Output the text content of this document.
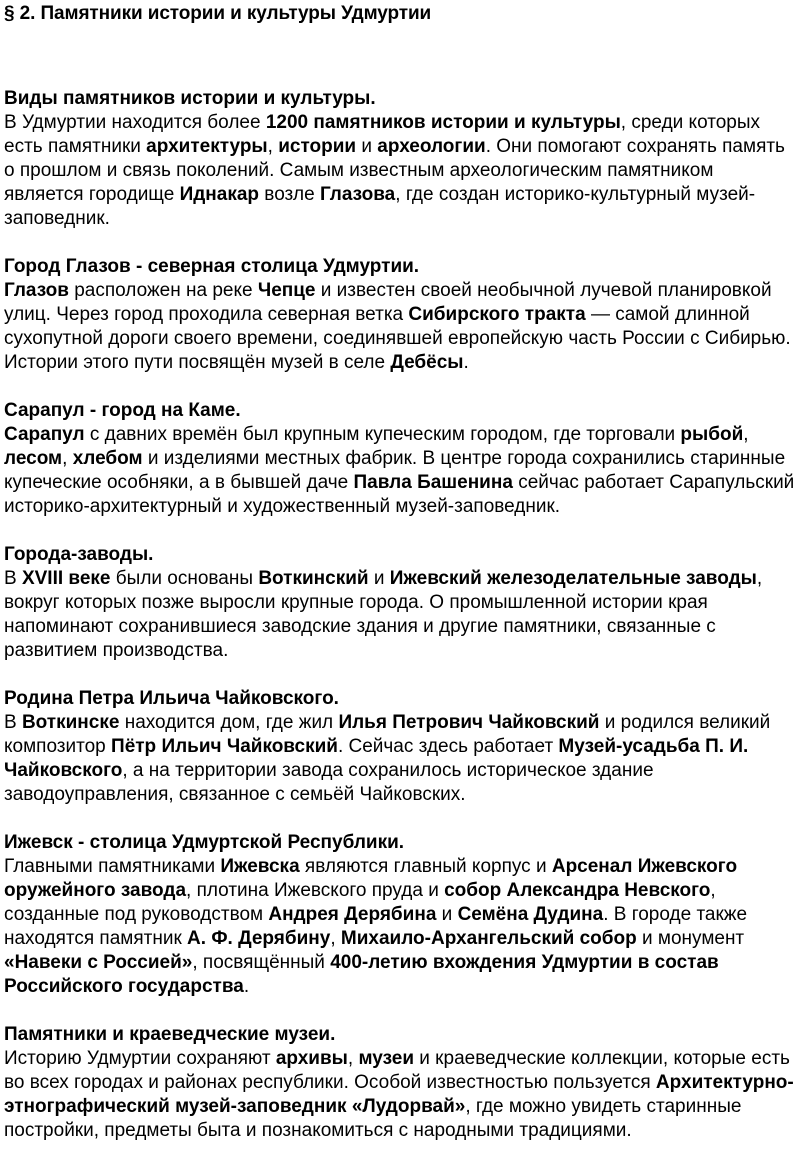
§ 2. Памятники истории и культуры Удмуртии

Виды памятников истории и культуры.

В Удмуртии находится более 1200 памятников истории и культуры, среди которых есть памятники архитектуры, истории и археологии. Они помогают сохранять память о прошлом и связь поколений. Самым известным археологическим памятником является городище Иднакар возле Глазова, где создан историко-культурный музей-заповедник.

Город Глазов - северная столица Удмуртии.

Глазов расположен на реке Чепце и известен своей необычной лучевой планировкой улиц. Через город проходила северная ветка Сибирского тракта — самой длинной сухопутной дороги своего времени, соединявшей европейскую часть России с Сибирью. Истории этого пути посвящён музей в селе Дебёсы.

Сарапул - город на Каме.

Сарапул с давних времён был крупным купеческим городом, где торговали рыбой, лесом, хлебом и изделиями местных фабрик. В центре города сохранились старинные купеческие особняки, а в бывшей даче Павла Башенина сейчас работает Сарапульский историко-архитектурный и художественный музей-заповедник.

Города-заводы.

В XVIII веке были основаны Воткинский и Ижевский железоделательные заводы, вокруг которых позже выросли крупные города. О промышленной истории края напоминают сохранившиеся заводские здания и другие памятники, связанные с развитием производства.

Родина Петра Ильича Чайковского.

В Воткинске находится дом, где жил Илья Петрович Чайковский и родился великий композитор Пётр Ильич Чайковский. Сейчас здесь работает Музей-усадьба П. И. Чайковского, а на территории завода сохранилось историческое здание заводоуправления, связанное с семьёй Чайковских.

Ижевск - столица Удмуртской Республики.

Главными памятниками Ижевска являются главный корпус и Арсенал Ижевского оружейного завода, плотина Ижевского пруда и собор Александра Невского, созданные под руководством Андрея Дерябина и Семёна Дудина. В городе также находятся памятник А. Ф. Дерябину, Михаило-Архангельский собор и монумент «Навеки с Россией», посвящённый 400-летию вхождения Удмуртии в состав Российского государства.

Памятники и краеведческие музеи.

Историю Удмуртии сохраняют архивы, музеи и краеведческие коллекции, которые есть во всех городах и районах республики. Особой известностью пользуется Архитектурно-этнографический музей-заповедник «Лудорвай», где можно увидеть старинные постройки, предметы быта и познакомиться с народными традициями.
